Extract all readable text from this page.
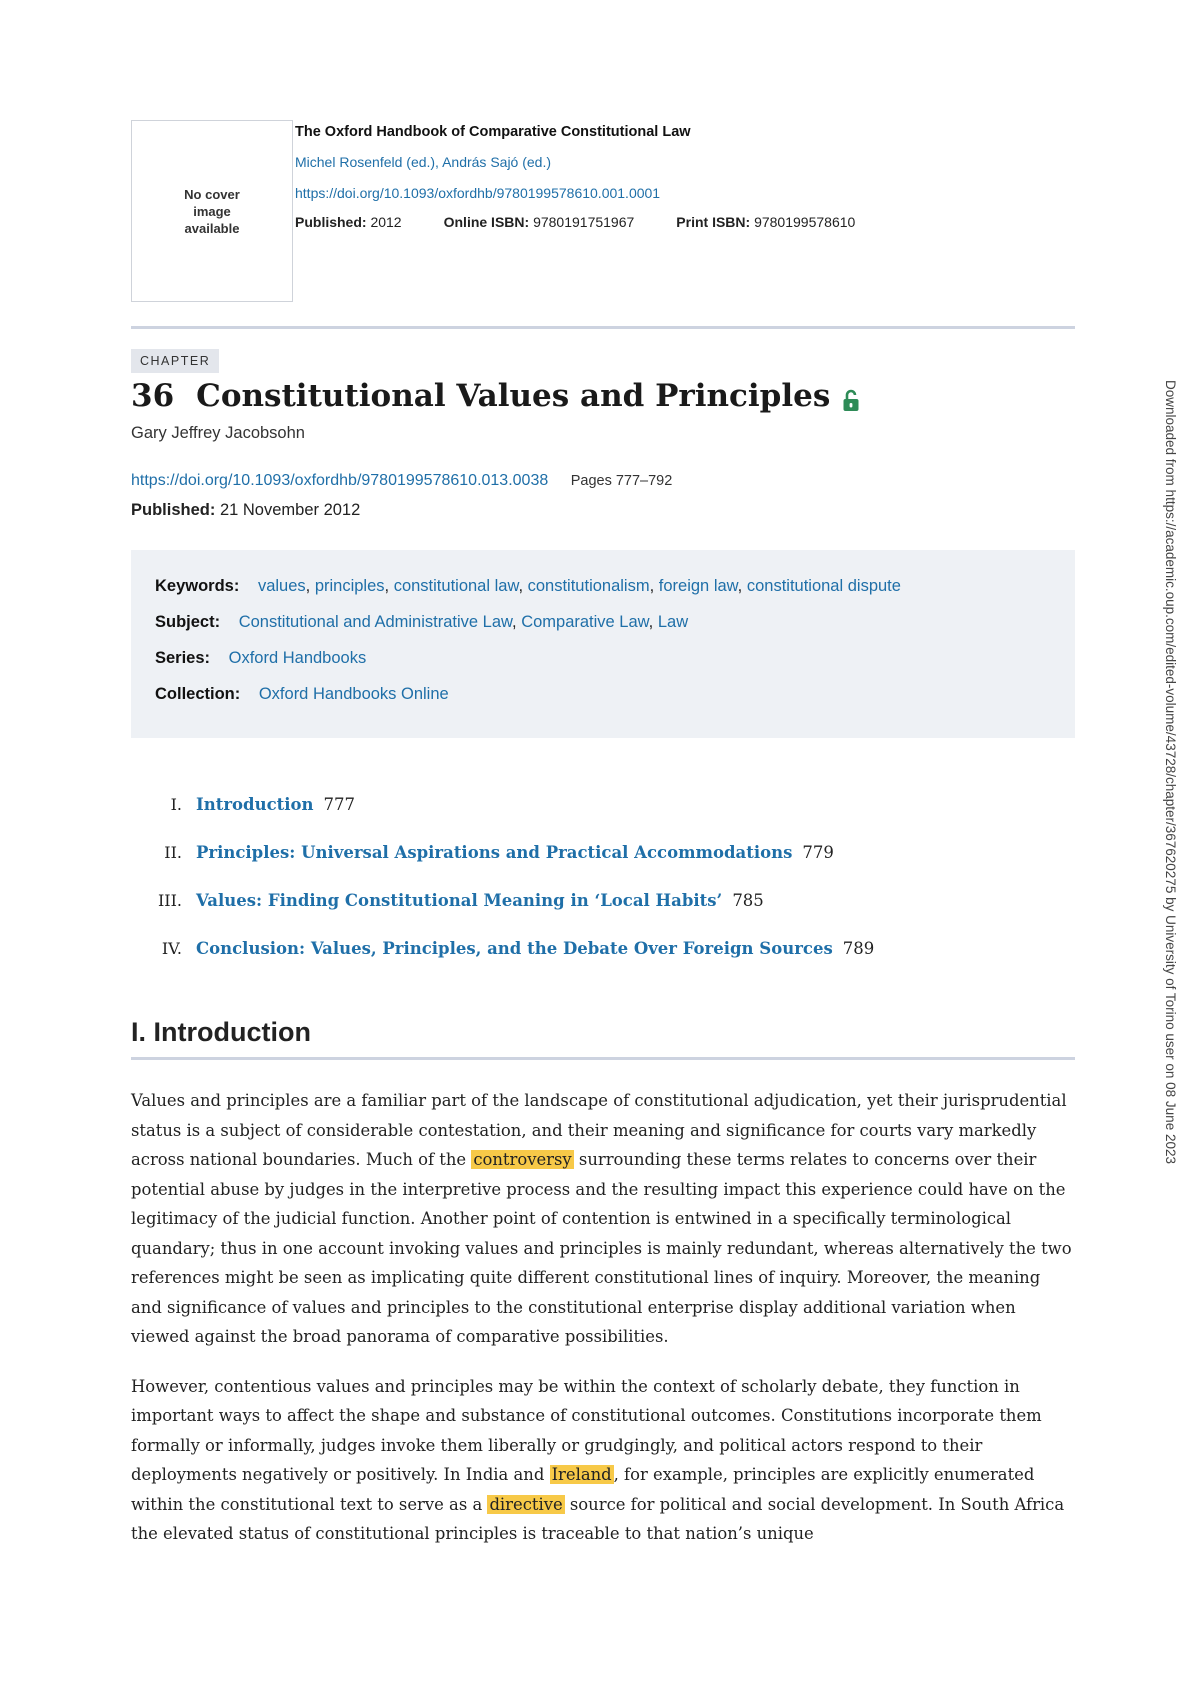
No cover image available
The Oxford Handbook of Comparative Constitutional Law
Michel Rosenfeld (ed.), András Sajó (ed.)
https://doi.org/10.1093/oxfordhb/9780199578610.001.0001
Published: 2012	Online ISBN: 9780191751967	Print ISBN: 9780199578610
CHAPTER
36 Constitutional Values and Principles
Gary Jeffrey Jacobsohn
https://doi.org/10.1093/oxfordhb/9780199578610.013.0038 Pages 777–792
Published: 21 November 2012
Keywords: values, principles, constitutional law, constitutionalism, foreign law, constitutional dispute
Subject: Constitutional and Administrative Law, Comparative Law, Law
Series: Oxford Handbooks
Collection: Oxford Handbooks Online
I. Introduction 777
II. Principles: Universal Aspirations and Practical Accommodations 779
III. Values: Finding Constitutional Meaning in ‘Local Habits’ 785
IV. Conclusion: Values, Principles, and the Debate Over Foreign Sources 789
I. Introduction

Values and principles are a familiar part of the landscape of constitutional adjudication, yet their jurisprudential status is a subject of considerable contestation, and their meaning and significance for courts vary markedly across national boundaries. Much of the controversy surrounding these terms relates to concerns over their potential abuse by judges in the interpretive process and the resulting impact this experience could have on the legitimacy of the judicial function. Another point of contention is entwined in a specifically terminological quandary; thus in one account invoking values and principles is mainly redundant, whereas alternatively the two references might be seen as implicating quite different constitutional lines of inquiry. Moreover, the meaning and significance of values and principles to the constitutional enterprise display additional variation when viewed against the broad panorama of comparative possibilities.

However, contentious values and principles may be within the context of scholarly debate, they function in important ways to affect the shape and substance of constitutional outcomes. Constitutions incorporate them formally or informally, judges invoke them liberally or grudgingly, and political actors respond to their deployments negatively or positively. In India and Ireland , for example, principles are explicitly enumerated within the constitutional text to serve as a directive source for political and social development. In South Africa the elevated status of constitutional principles is traceable to that nation’s unique

Downloaded from https://academic.oup.com/edited-volume/43728/chapter/367620275 by University of Torino user on 08 June 2023
